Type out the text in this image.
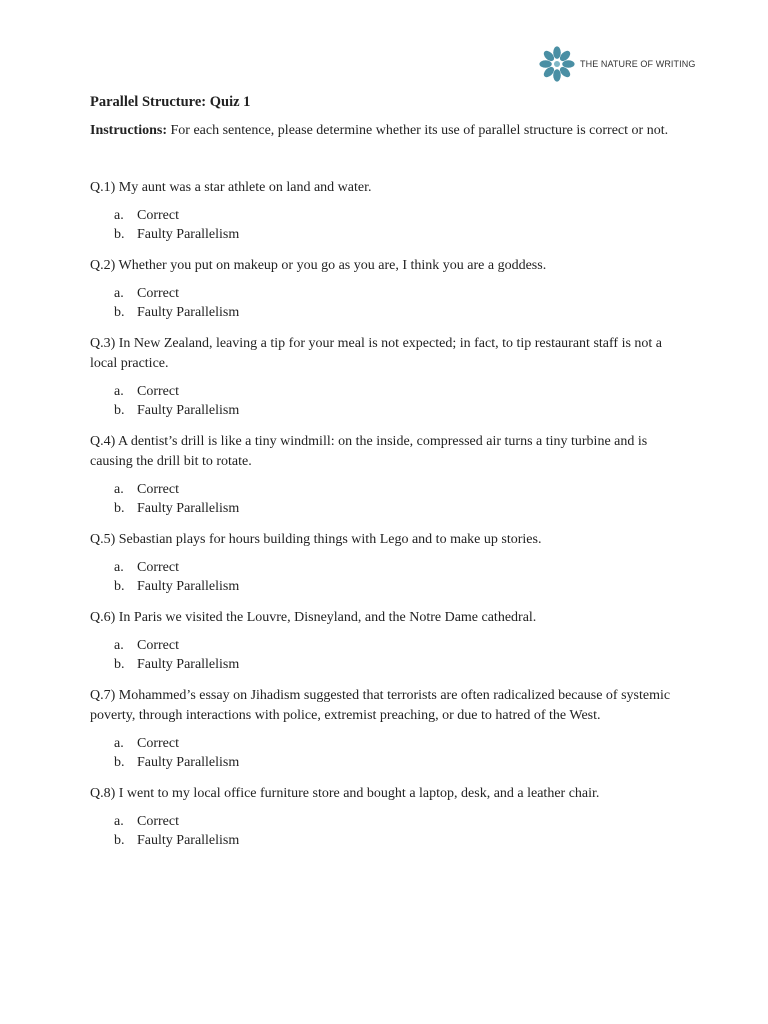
THE NATURE OF WRITING
Parallel Structure: Quiz 1
Instructions: For each sentence, please determine whether its use of parallel structure is correct or not.
Q.1) My aunt was a star athlete on land and water.
a. Correct
b. Faulty Parallelism
Q.2) Whether you put on makeup or you go as you are, I think you are a goddess.
a. Correct
b. Faulty Parallelism
Q.3) In New Zealand, leaving a tip for your meal is not expected; in fact, to tip restaurant staff is not a local practice.
a. Correct
b. Faulty Parallelism
Q.4) A dentist’s drill is like a tiny windmill: on the inside, compressed air turns a tiny turbine and is causing the drill bit to rotate.
a. Correct
b. Faulty Parallelism
Q.5) Sebastian plays for hours building things with Lego and to make up stories.
a. Correct
b. Faulty Parallelism
Q.6) In Paris we visited the Louvre, Disneyland, and the Notre Dame cathedral.
a. Correct
b. Faulty Parallelism
Q.7) Mohammed’s essay on Jihadism suggested that terrorists are often radicalized because of systemic poverty, through interactions with police, extremist preaching, or due to hatred of the West.
a. Correct
b. Faulty Parallelism
Q.8) I went to my local office furniture store and bought a laptop, desk, and a leather chair.
a. Correct
b. Faulty Parallelism
